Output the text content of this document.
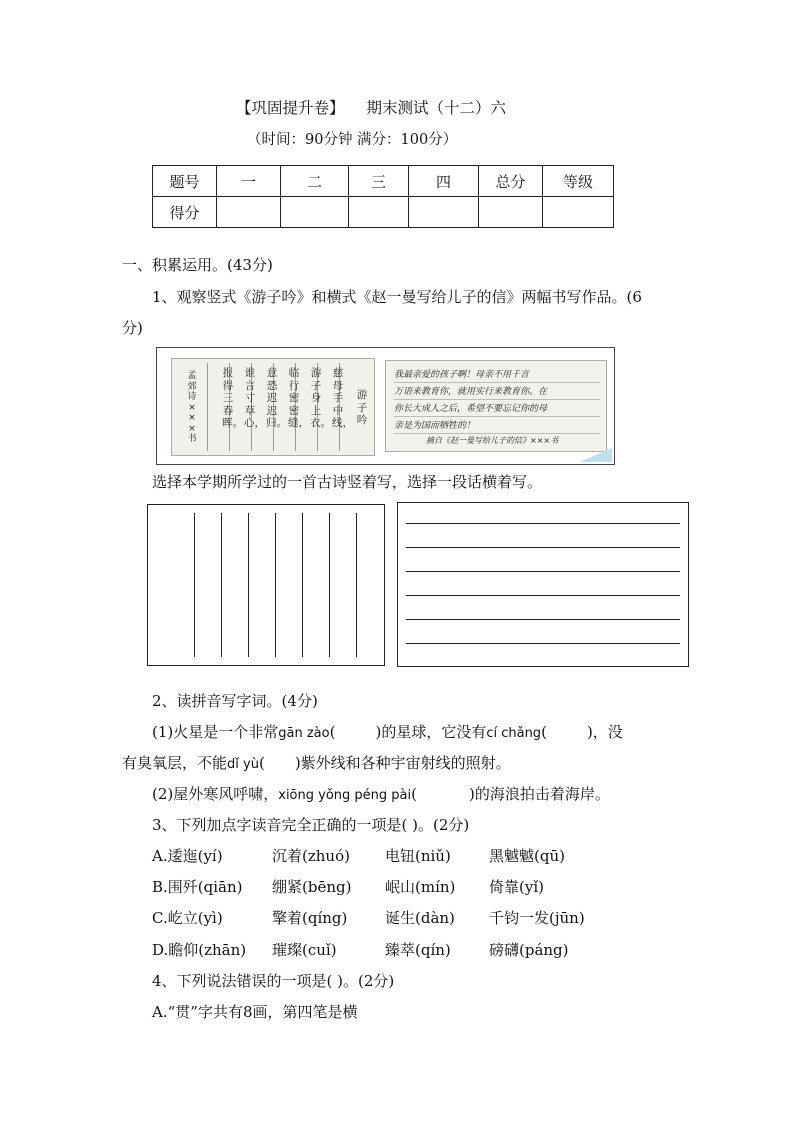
【巩固提升卷】 期末测试（十二）六
（时间：90分钟 满分：100分）
题号	一	二	三	四	总分	等级
得分						
一、积累运用。(43分)
1、观察竖式《游子吟》和横式《赵一曼写给儿子的信》两幅书写作品。(6
分)
游子吟
慈母手中线，
游子身上衣。
临行密密缝，
意恐迟迟归。
谁言寸草心，
报得三春晖。
孟郊诗×××书
我最亲爱的孩子啊！母亲不用千言
万语来教育你，就用实行来教育你。在
你长大成人之后，希望不要忘记你的母
亲是为国而牺牲的！
摘自《赵一曼写给儿子的信》×××书
选择本学期所学过的一首古诗竖着写，选择一段话横着写。
2、读拼音写字词。(4分)
(1)火星是一个非常gān zào(	)的星球，它没有cí chǎng(	)，没
有臭氧层，不能dǐ yù( )紫外线和各种宇宙射线的照射。
(2)屋外寒风呼啸，xiōng yǒng péng pài(	)的海浪拍击着海岸。
3、下列加点字读音完全正确的一项是( )。(2分)
A.逶迤(yí)	沉着(zhuó) 电钮(niǔ)	黑魆魆(qū)
B.围歼(qiān) 绷紧(bēng) 岷山(mín) 倚靠(yǐ)
C.屹立(yì)	擎着(qíng)	诞生(dàn) 千钧一发(jūn)
D.瞻仰(zhān) 璀璨(cuǐ)	臻萃(qín)	磅礴(páng)
4、下列说法错误的一项是( )。(2分)
A.“贯”字共有8画，第四笔是横
